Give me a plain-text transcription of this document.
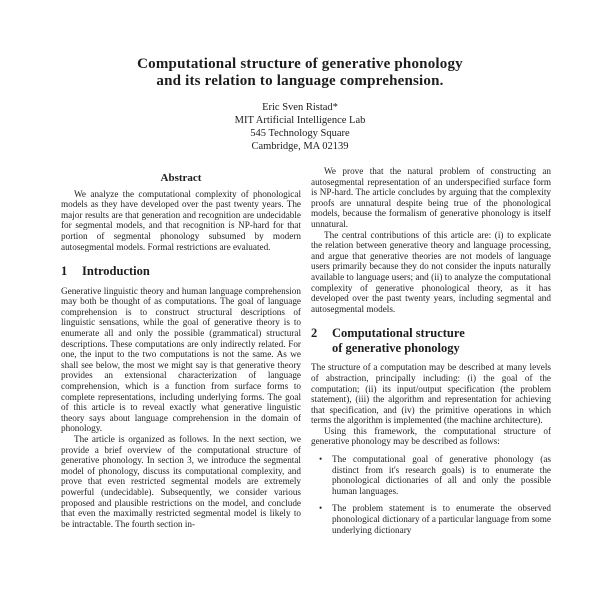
Computational structure of generative phonology
and its relation to language comprehension.
Eric Sven Ristad*
MIT Artificial Intelligence Lab
545 Technology Square
Cambridge, MA 02139
Abstract

We analyze the computational complexity of phonological models as they have developed over the past twenty years. The major results are that generation and recognition are undecidable for segmental models, and that recognition is NP-hard for that portion of segmental phonology subsumed by modern autosegmental models. Formal restrictions are evaluated.

1	Introduction

Generative linguistic theory and human language comprehension may both be thought of as computations. The goal of language comprehension is to construct structural descriptions of linguistic sensations, while the goal of generative theory is to enumerate all and only the possible (grammatical) structural descriptions. These computations are only indirectly related. For one, the input to the two computations is not the same. As we shall see below, the most we might say is that generative theory provides an extensional characterization of language comprehension, which is a function from surface forms to complete representations, including underlying forms. The goal of this article is to reveal exactly what generative linguistic theory says about language comprehension in the domain of phonology.

The article is organized as follows. In the next section, we provide a brief overview of the computational structure of generative phonology. In section 3, we introduce the segmental model of phonology, discuss its computational complexity, and prove that even restricted segmental models are extremely powerful (undecidable). Subsequently, we consider various proposed and plausible restrictions on the model, and conclude that even the maximally restricted segmental model is likely to be intractable. The fourth section in-

We prove that the natural problem of constructing an autosegmental representation of an underspecified surface form is NP-hard. The article concludes by arguing that the complexity proofs are unnatural despite being true of the phonological models, because the formalism of generative phonology is itself unnatural.

The central contributions of this article are: (i) to explicate the relation between generative theory and language processing, and argue that generative theories are not models of language users primarily because they do not consider the inputs naturally available to language users; and (ii) to analyze the computational complexity of generative phonological theory, as it has developed over the past twenty years, including segmental and autosegmental models.

2	Computational structure
of generative phonology

The structure of a computation may be described at many levels of abstraction, principally including: (i) the goal of the computation; (ii) its input/output specification (the problem statement), (iii) the algorithm and representation for achieving that specification, and (iv) the primitive operations in which terms the algorithm is implemented (the machine architecture).

Using this framework, the computational structure of generative phonology may be described as follows:

• The computational goal of generative phonology (as distinct from it's research goals) is to enumerate the phonological dictionaries of all and only the possible human languages.

• The problem statement is to enumerate the observed phonological dictionary of a particular language from some underlying dictionary
